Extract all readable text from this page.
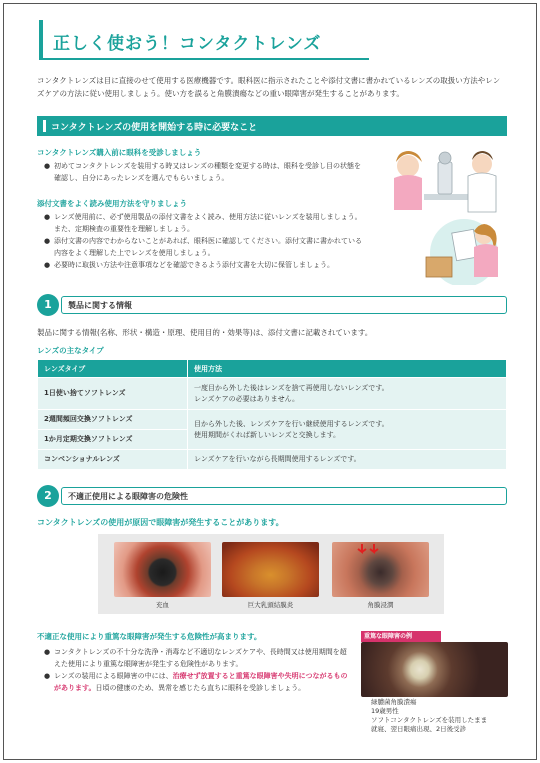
正しく使おう！コンタクトレンズ
コンタクトレンズは目に直接のせて使用する医療機器です。眼科医に指示されたことや添付文書に書かれているレンズの取扱い方法やレンズケアの方法に従い使用しましょう。使い方を誤ると角膜潰瘍などの重い眼障害が発生することがあります。
コンタクトレンズの使用を開始する時に必要なこと
コンタクトレンズ購入前に眼科を受診しましょう
● 初めてコンタクトレンズを装用する時又はレンズの種類を変更する時は、眼科を受診し目の状態を確認し、自分にあったレンズを選んでもらいましょう。
添付文書をよく読み使用方法を守りましょう
● レンズ使用前に、必ず使用製品の添付文書をよく読み、使用方法に従いレンズを装用しましょう。また、定期検査の重要性を理解しましょう。
● 添付文書の内容でわからないことがあれば、眼科医に確認してください。添付文書に書かれている内容をよく理解した上でレンズを使用しましょう。
● 必要時に取扱い方法や注意事項などを確認できるよう添付文書を大切に保管しましょう。
1	製品に関する情報
製品に関する情報(名称、形状・構造・原理、使用目的・効果等)は、添付文書に記載されています。
レンズの主なタイプ
レンズタイプ	使用方法
1日使い捨てソフトレンズ	一度目から外した後はレンズを捨て再使用しないレンズです。
レンズケアの必要はありません。

2週間頻回交換ソフトレンズ	目から外した後、レンズケアを行い継続使用するレンズです。
使用期間がくれば新しいレンズと交換します。

1か月定期交換ソフトレンズ	
コンベンショナルレンズ	レンズケアを行いながら長期間使用するレンズです。
2	不適正使用による眼障害の危険性
コンタクトレンズの使用が原因で眼障害が発生することがあります。
充血	巨大乳頭結膜炎	角膜浸潤
不適正な使用により重篤な眼障害が発生する危険性が高まります。
● コンタクトレンズの不十分な洗浄・消毒など不適切なレンズケアや、長時間又は使用期間を超えた使用により重篤な眼障害が発生する危険性があります。
● レンズの装用による眼障害の中には、治療せず放置すると重篤な眼障害や失明につながるものがあります。日頃の健康のため、異常を感じたら直ちに眼科を受診しましょう。
重篤な眼障害の例
緑膿菌角膜潰瘍
19歳男性
ソフトコンタクトレンズを装用したまま
就寝、翌日眼痛出現、2日後受診
